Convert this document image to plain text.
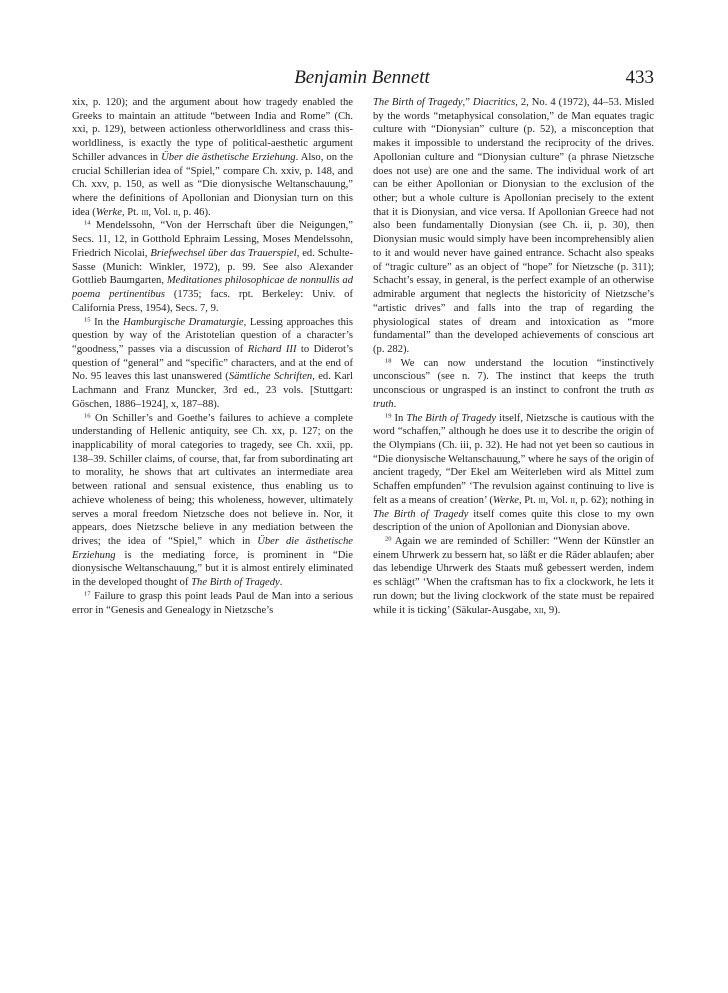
Benjamin Bennett	433

xix, p. 120); and the argument about how tragedy enabled the Greeks to maintain an attitude “between India and Rome” (Ch. xxi, p. 129), between actionless otherworldliness and crass this-worldliness, is exactly the type of political-aesthetic argument Schiller advances in Über die ästhetische Erziehung. Also, on the crucial Schillerian idea of “Spiel,” compare Ch. xxiv, p. 148, and Ch. xxv, p. 150, as well as “Die dionysische Weltanschauung,” where the definitions of Apollonian and Dionysian turn on this idea (Werke, Pt. iii, Vol. ii, p. 46).

$^{14}$ Mendelssohn, “Von der Herrschaft über die Neigungen,” Secs. 11, 12, in Gotthold Ephraim Lessing, Moses Mendelssohn, Friedrich Nicolai, Briefwechsel über das Trauerspiel, ed. Schulte-Sasse (Munich: Winkler, 1972), p. 99. See also Alexander Gottlieb Baumgarten, Meditationes philosophicae de nonnullis ad poema pertinentibus (1735; facs. rpt. Berkeley: Univ. of California Press, 1954), Secs. 7, 9.

$^{15}$ In the Hamburgische Dramaturgie, Lessing approaches this question by way of the Aristotelian question of a character’s “goodness,” passes via a discussion of Richard III to Diderot’s question of “general” and “specific” characters, and at the end of No. 95 leaves this last unanswered (Sämtliche Schriften, ed. Karl Lachmann and Franz Muncker, 3rd ed., 23 vols. [Stuttgart: Göschen, 1886–1924], x, 187–88).

$^{16}$ On Schiller’s and Goethe’s failures to achieve a complete understanding of Hellenic antiquity, see Ch. xx, p. 127; on the inapplicability of moral categories to tragedy, see Ch. xxii, pp. 138–39. Schiller claims, of course, that, far from subordinating art to morality, he shows that art cultivates an intermediate area between rational and sensual existence, thus enabling us to achieve wholeness of being; this wholeness, however, ultimately serves a moral freedom Nietzsche does not believe in. Nor, it appears, does Nietzsche believe in any mediation between the drives; the idea of “Spiel,” which in Über die ästhetische Erziehung is the mediating force, is prominent in “Die dionysische Weltanschauung,” but it is almost entirely eliminated in the developed thought of The Birth of Tragedy.

$^{17}$ Failure to grasp this point leads Paul de Man into a serious error in “Genesis and Genealogy in Nietzsche’s

The Birth of Tragedy,” Diacritics, 2, No. 4 (1972), 44–53. Misled by the words “metaphysical consolation,” de Man equates tragic culture with “Dionysian” culture (p. 52), a misconception that makes it impossible to understand the reciprocity of the drives. Apollonian culture and “Dionysian culture” (a phrase Nietzsche does not use) are one and the same. The individual work of art can be either Apollonian or Dionysian to the exclusion of the other; but a whole culture is Apollonian precisely to the extent that it is Dionysian, and vice versa. If Apollonian Greece had not also been fundamentally Dionysian (see Ch. ii, p. 30), then Dionysian music would simply have been incomprehensibly alien to it and would never have gained entrance. Schacht also speaks of “tragic culture” as an object of “hope” for Nietzsche (p. 311); Schacht’s essay, in general, is the perfect example of an otherwise admirable argument that neglects the historicity of Nietzsche’s “artistic drives” and falls into the trap of regarding the physiological states of dream and intoxication as “more fundamental” than the developed achievements of conscious art (p. 282).

$^{18}$ We can now understand the locution “instinctively unconscious” (see n. 7). The instinct that keeps the truth unconscious or ungrasped is an instinct to confront the truth as truth.

$^{19}$ In The Birth of Tragedy itself, Nietzsche is cautious with the word “schaffen,” although he does use it to describe the origin of the Olympians (Ch. iii, p. 32). He had not yet been so cautious in “Die dionysische Weltanschauung,” where he says of the origin of ancient tragedy, “Der Ekel am Weiterleben wird als Mittel zum Schaffen empfunden” ‘The revulsion against continuing to live is felt as a means of creation’ (Werke, Pt. iii, Vol. ii, p. 62); nothing in The Birth of Tragedy itself comes quite this close to my own description of the union of Apollonian and Dionysian above.

$^{20}$ Again we are reminded of Schiller: “Wenn der Künstler an einem Uhrwerk zu bessern hat, so läßt er die Räder ablaufen; aber das lebendige Uhrwerk des Staats muß gebessert werden, indem es schlägt” ‘When the craftsman has to fix a clockwork, he lets it run down; but the living clockwork of the state must be repaired while it is ticking’ (Säkular-Ausgabe, xii, 9).
